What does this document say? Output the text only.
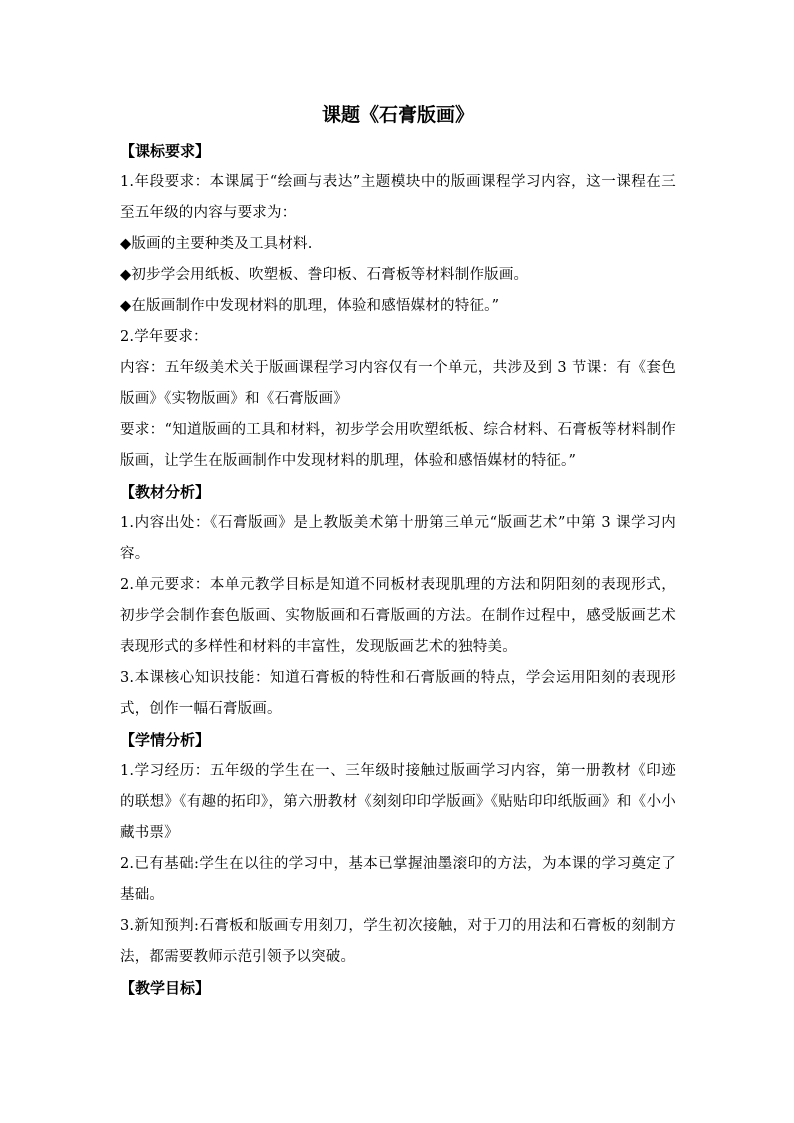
课题《石膏版画》
【课标要求】

1.年段要求：本课属于“绘画与表达”主题模块中的版画课程学习内容，这一课程在三至五年级的内容与要求为：

◆版画的主要种类及工具材料.

◆初步学会用纸板、吹塑板、誊印板、石膏板等材料制作版画。

◆在版画制作中发现材料的肌理，体验和感悟媒材的特征。”

2.学年要求：

内容：五年级美术关于版画课程学习内容仅有一个单元，共涉及到 3 节课：有《套色版画》《实物版画》和《石膏版画》

要求：“知道版画的工具和材料，初步学会用吹塑纸板、综合材料、石膏板等材料制作版画，让学生在版画制作中发现材料的肌理，体验和感悟媒材的特征。”

【教材分析】

1.内容出处：《石膏版画》是上教版美术第十册第三单元“版画艺术”中第 3 课学习内容。

2.单元要求：本单元教学目标是知道不同板材表现肌理的方法和阴阳刻的表现形式，初步学会制作套色版画、实物版画和石膏版画的方法。在制作过程中，感受版画艺术表现形式的多样性和材料的丰富性，发现版画艺术的独特美。

3.本课核心知识技能：知道石膏板的特性和石膏版画的特点，学会运用阳刻的表现形式，创作一幅石膏版画。

【学情分析】

1.学习经历：五年级的学生在一、三年级时接触过版画学习内容，第一册教材《印迹的联想》《有趣的拓印》，第六册教材《刻刻印印学版画》《贴贴印印纸版画》和《小小藏书票》

2.已有基础:学生在以往的学习中，基本已掌握油墨滚印的方法，为本课的学习奠定了基础。

3.新知预判:石膏板和版画专用刻刀，学生初次接触，对于刀的用法和石膏板的刻制方法，都需要教师示范引领予以突破。

【教学目标】
